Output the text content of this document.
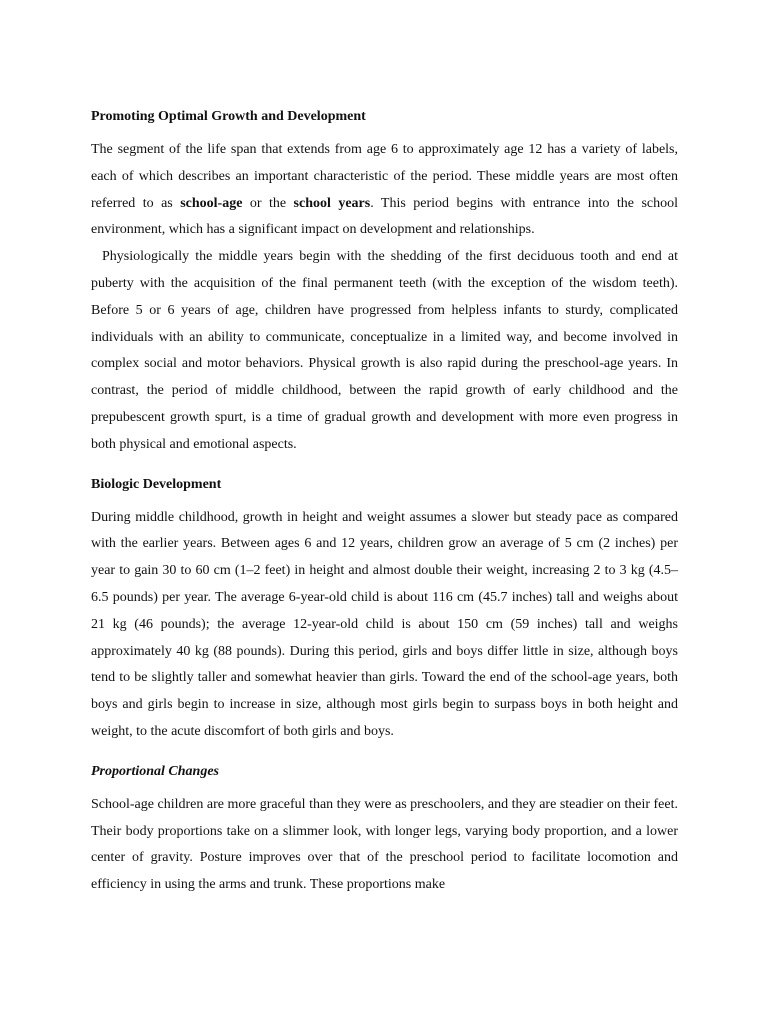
Promoting Optimal Growth and Development

The segment of the life span that extends from age 6 to approximately age 12 has a variety of labels, each of which describes an important characteristic of the period. These middle years are most often referred to as school-age or the school years. This period begins with entrance into the school environment, which has a significant impact on development and relationships.

Physiologically the middle years begin with the shedding of the first deciduous tooth and end at puberty with the acquisition of the final permanent teeth (with the exception of the wisdom teeth). Before 5 or 6 years of age, children have progressed from helpless infants to sturdy, complicated individuals with an ability to communicate, conceptualize in a limited way, and become involved in complex social and motor behaviors. Physical growth is also rapid during the preschool-age years. In contrast, the period of middle childhood, between the rapid growth of early childhood and the prepubescent growth spurt, is a time of gradual growth and development with more even progress in both physical and emotional aspects.

Biologic Development

During middle childhood, growth in height and weight assumes a slower but steady pace as compared with the earlier years. Between ages 6 and 12 years, children grow an average of 5 cm (2 inches) per year to gain 30 to 60 cm (1–2 feet) in height and almost double their weight, increasing 2 to 3 kg (4.5–6.5 pounds) per year. The average 6-year-old child is about 116 cm (45.7 inches) tall and weighs about 21 kg (46 pounds); the average 12-year-old child is about 150 cm (59 inches) tall and weighs approximately 40 kg (88 pounds). During this period, girls and boys differ little in size, although boys tend to be slightly taller and somewhat heavier than girls. Toward the end of the school-age years, both boys and girls begin to increase in size, although most girls begin to surpass boys in both height and weight, to the acute discomfort of both girls and boys.

Proportional Changes

School-age children are more graceful than they were as preschoolers, and they are steadier on their feet. Their body proportions take on a slimmer look, with longer legs, varying body proportion, and a lower center of gravity. Posture improves over that of the preschool period to facilitate locomotion and efficiency in using the arms and trunk. These proportions make
